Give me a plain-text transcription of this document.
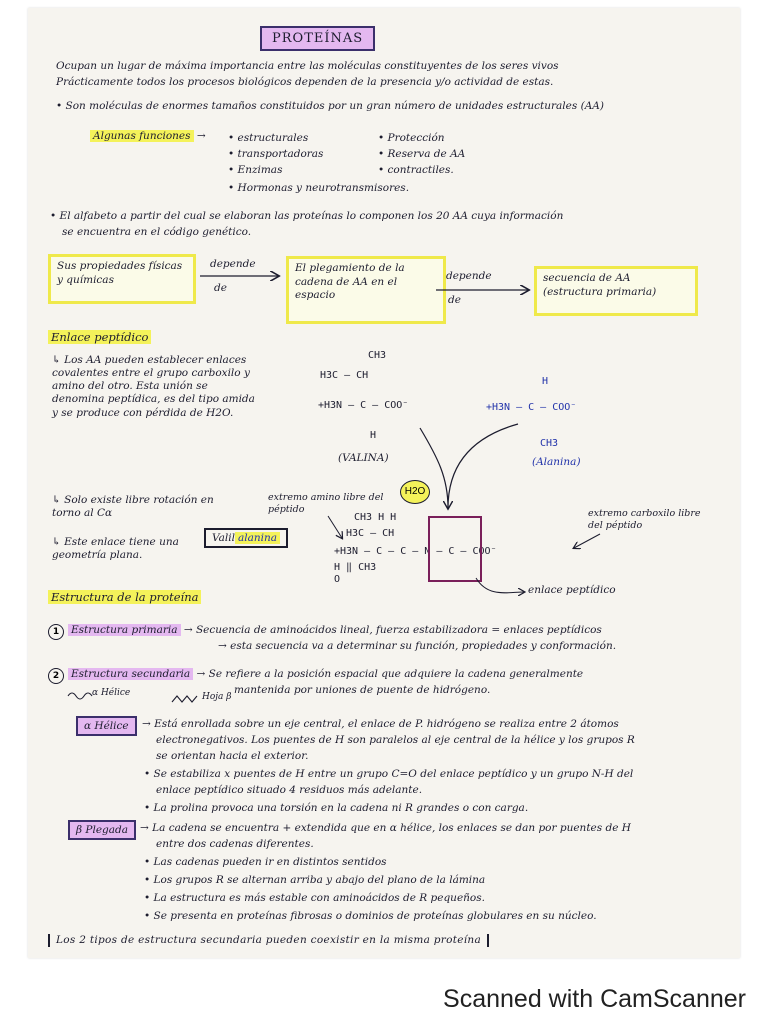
PROTEÍNAS
Ocupan un lugar de máxima importancia entre las moléculas constituyentes de los seres vivos
Prácticamente todos los procesos biológicos dependen de la presencia y/o actividad de estas.
• Son moléculas de enormes tamaños constituidos por un gran número de unidades estructurales (AA)
Algunas funciones → • estructurales
• transportadoras
• Enzimas
• Hormonas y neurotransmisores.
• Protección
• Reserva de AA
• contractiles.
• El alfabeto a partir del cual se elaboran las proteínas lo componen los 20 AA cuya información
se encuentra en el código genético.
Sus propiedades físicas y químicas
depende
de
El plegamiento de la cadena de AA en el espacio
depende
de
secuencia de AA (estructura primaria)
Enlace peptídico
↳ Los AA pueden establecer enlaces covalentes entre el grupo carboxilo y amino del otro. Esta unión se denomina peptídica, es del tipo amida y se produce con pérdida de H2O.
↳ Solo existe libre rotación en torno al Cα
↳ Este enlace tiene una geometría plana.
Valil alanina
CH3
H3C — CH
+H3N — C — COO⁻
H
(VALINA)
H
+H3N — C — COO⁻
CH3
(Alanina)
H2O
extremo amino libre del péptido	extremo carboxilo libre del péptido
CH3 H H
H3C — CH
+H3N — C — C — N — C — COO⁻
H ‖ CH3
O
enlace peptídico
Estructura de la proteína
1	Estructura primaria → Secuencia de aminoácidos lineal, fuerza estabilizadora = enlaces peptídicos
→ esta secuencia va a determinar su función, propiedades y conformación.
2	Estructura secundaria → Se refiere a la posición espacial que adquiere la cadena generalmente
mantenida por uniones de puente de hidrógeno.
α Hélice	Hoja β
α Hélice	→ Está enrollada sobre un eje central, el enlace de P. hidrógeno se realiza entre 2 átomos
electronegativos. Los puentes de H son paralelos al eje central de la hélice y los grupos R
se orientan hacia el exterior.
• Se estabiliza x puentes de H entre un grupo C=O del enlace peptídico y un grupo N-H del
enlace peptídico situado 4 residuos más adelante.
• La prolina provoca una torsión en la cadena ni R grandes o con carga.
β Plegada	→ La cadena se encuentra + extendida que en α hélice, los enlaces se dan por puentes de H
entre dos cadenas diferentes.
• Las cadenas pueden ir en distintos sentidos
• Los grupos R se alternan arriba y abajo del plano de la lámina
• La estructura es más estable con aminoácidos de R pequeños.
• Se presenta en proteínas fibrosas o dominios de proteínas globulares en su núcleo.
Los 2 tipos de estructura secundaria pueden coexistir en la misma proteína
Scanned with CamScanner
